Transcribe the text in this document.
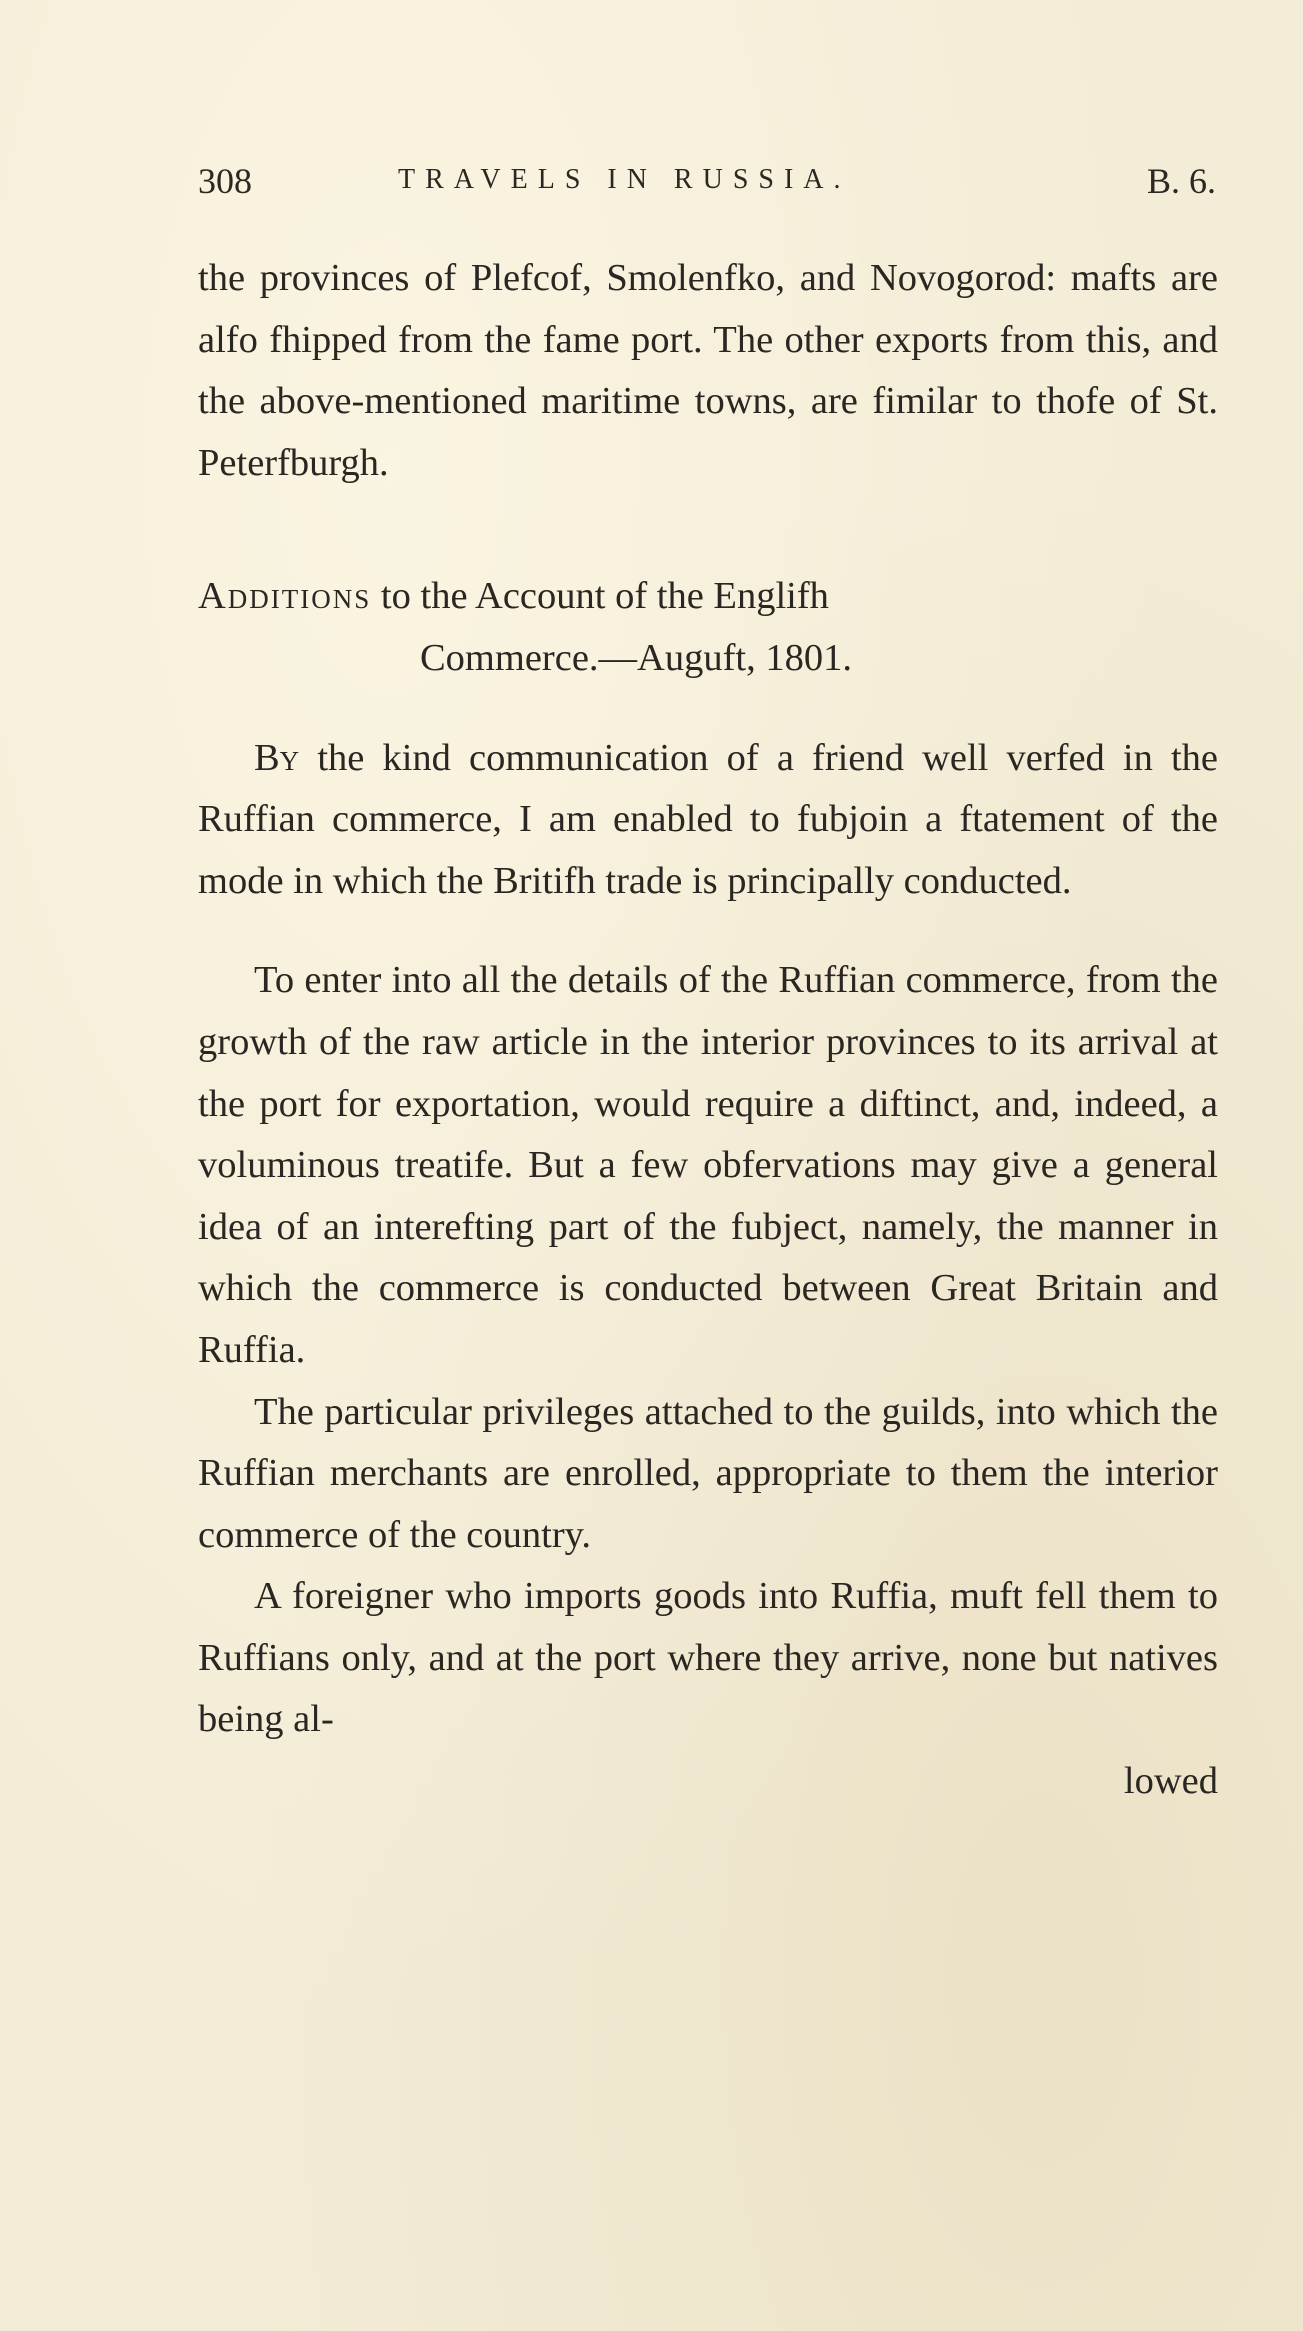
308	TRAVELS IN RUSSIA.	B. 6.

the provinces of Plefcof, Smolenfko, and Novogorod: mafts are alfo fhipped from the fame port. The other exports from this, and the above-mentioned maritime towns, are fimilar to thofe of St. Peterfburgh.

Additions to the Account of the Englifh
Commerce.—Auguft, 1801.

By the kind communication of a friend well verfed in the Ruffian commerce, I am enabled to fubjoin a ftatement of the mode in which the Britifh trade is principally conducted.

To enter into all the details of the Ruffian commerce, from the growth of the raw article in the interior provinces to its arrival at the port for exportation, would require a diftinct, and, indeed, a voluminous treatife. But a few obfervations may give a general idea of an interefting part of the fubject, namely, the manner in which the commerce is conducted between Great Britain and Ruffia.

The particular privileges attached to the guilds, into which the Ruffian merchants are enrolled, appropriate to them the interior commerce of the country.

A foreigner who imports goods into Ruffia, muft fell them to Ruffians only, and at the port where they arrive, none but natives being al-

lowed
